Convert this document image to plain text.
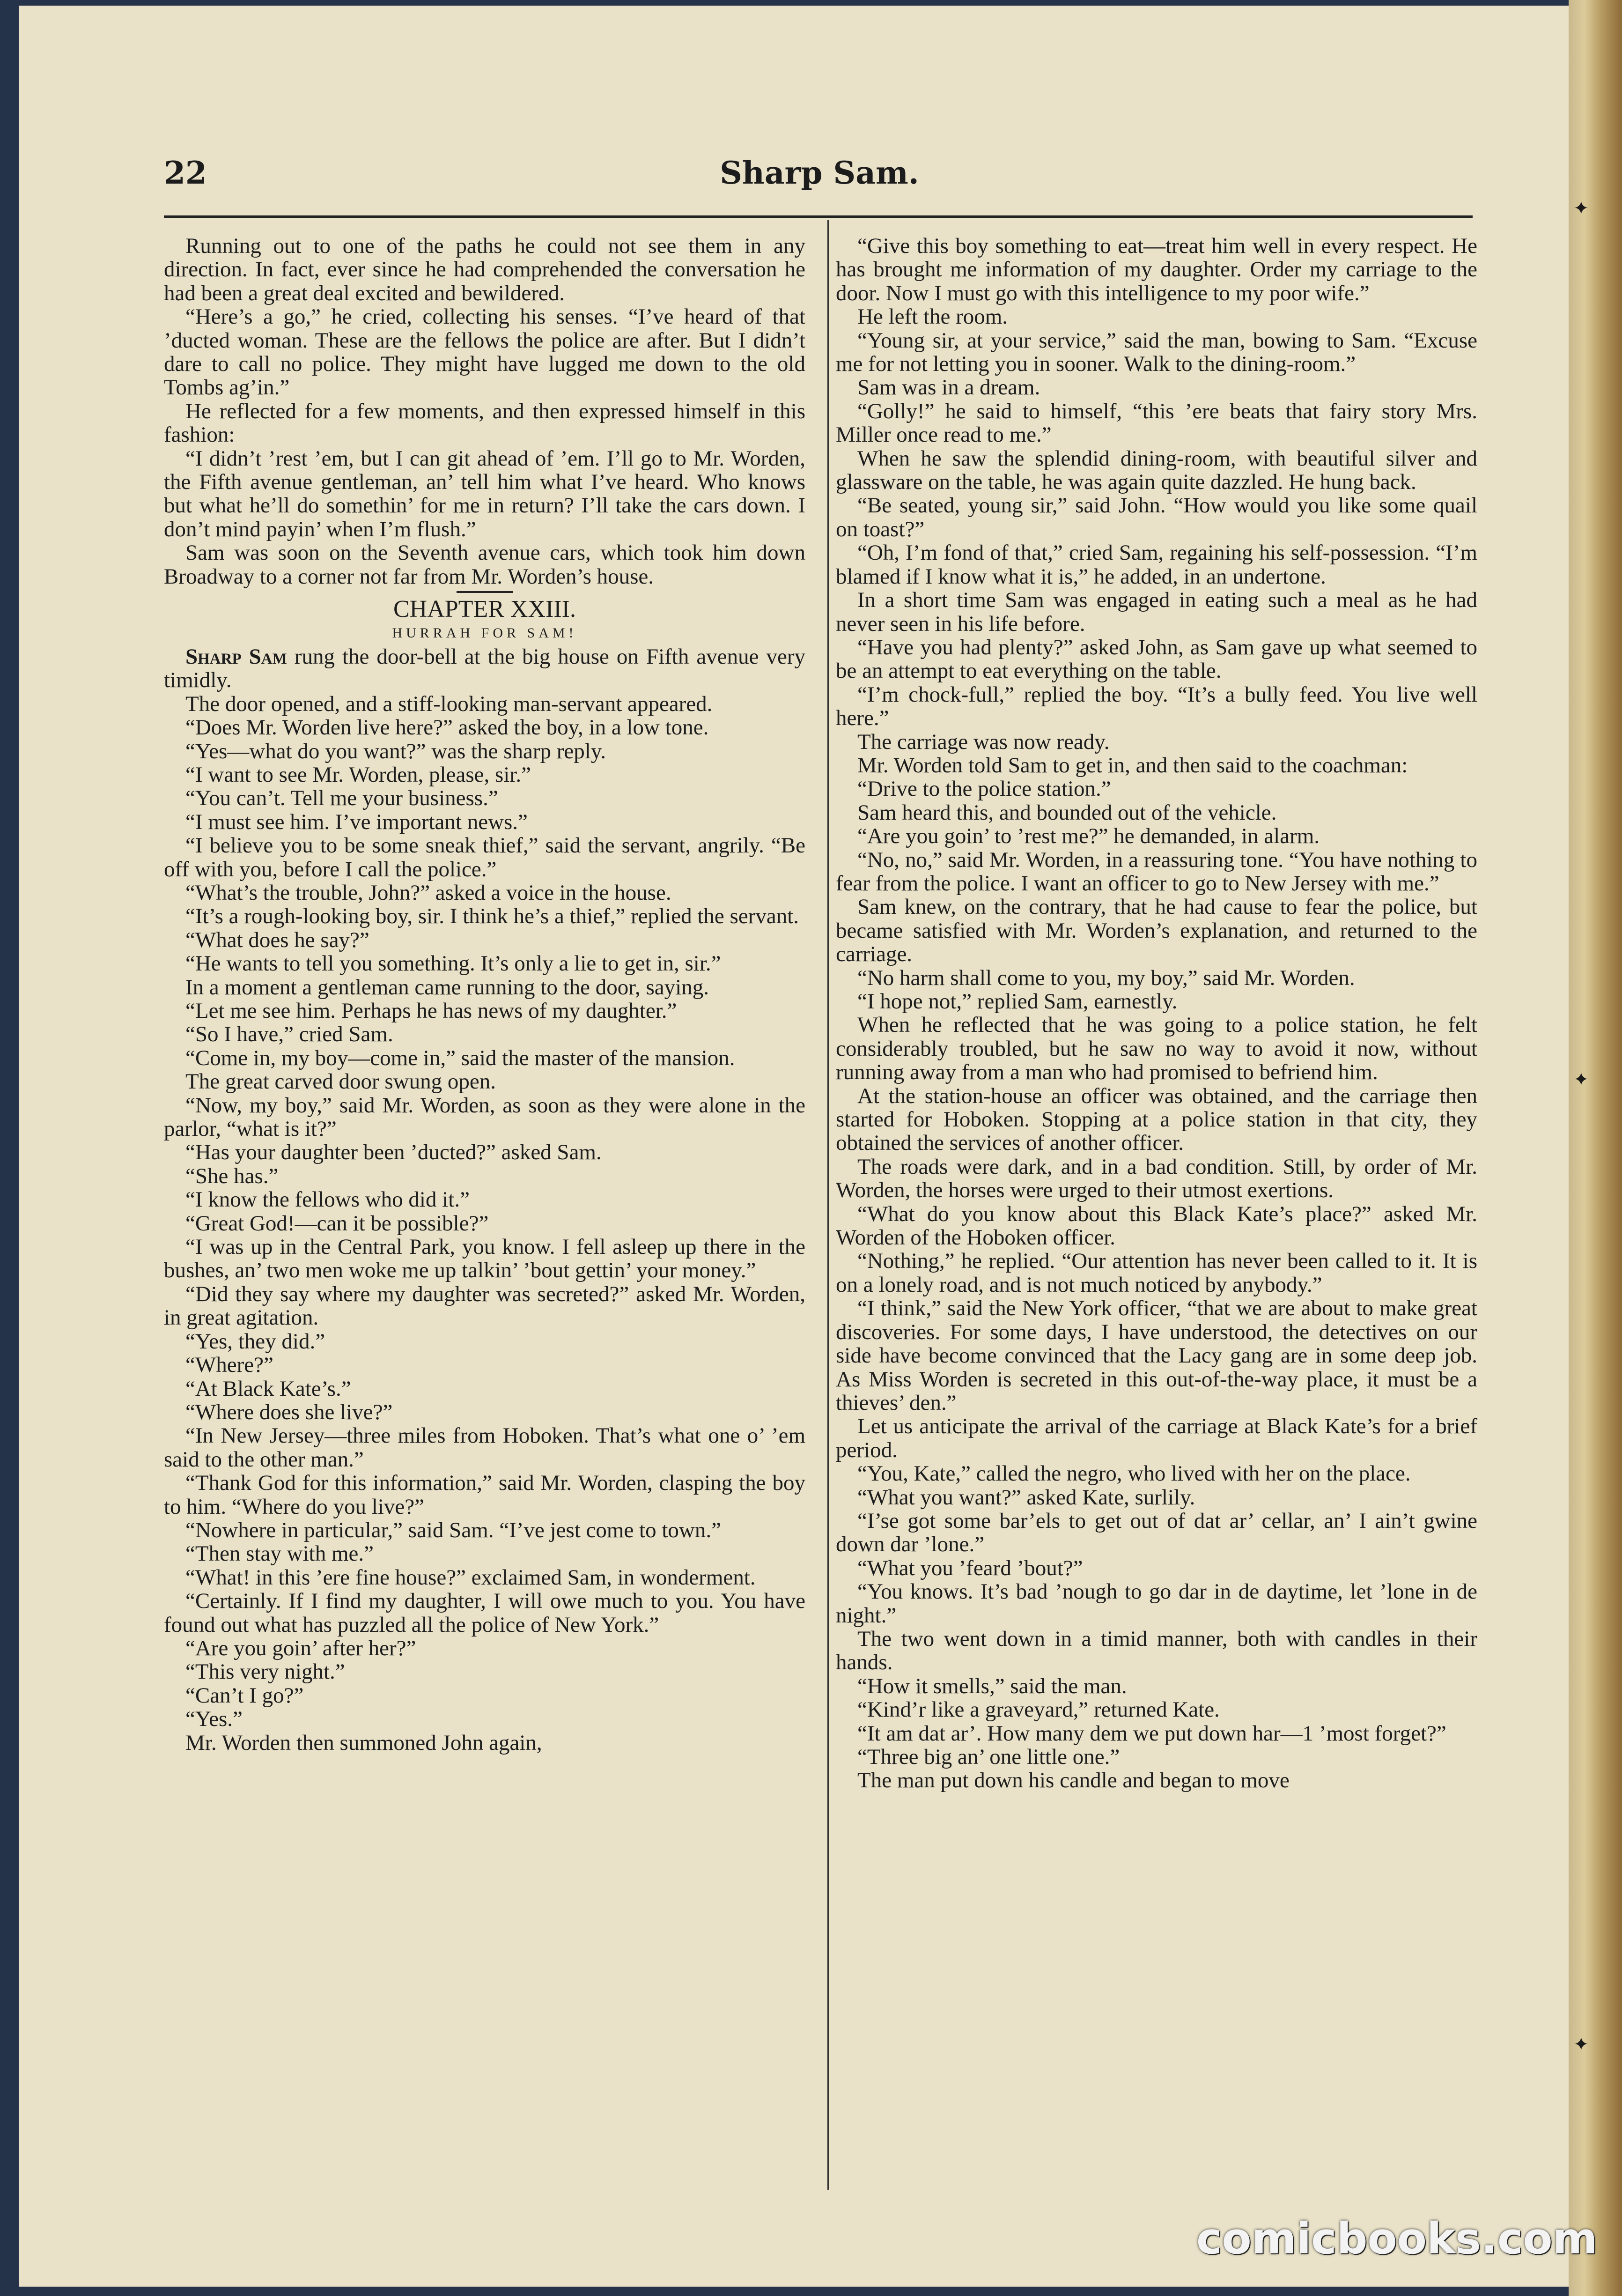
✦
✦
✦
22	Sharp Sam.

Running out to one of the paths he could not see them in any direction. In fact, ever since he had comprehended the conversation he had been a great deal excited and bewildered.

“Here’s a go,” he cried, collecting his senses. “I’ve heard of that ’ducted woman. These are the fellows the police are after. But I didn’t dare to call no police. They might have lugged me down to the old Tombs ag’in.”

He reflected for a few moments, and then expressed himself in this fashion:

“I didn’t ’rest ’em, but I can git ahead of ’em. I’ll go to Mr. Worden, the Fifth avenue gentleman, an’ tell him what I’ve heard. Who knows but what he’ll do somethin’ for me in return? I’ll take the cars down. I don’t mind payin’ when I’m flush.”

Sam was soon on the Seventh avenue cars, which took him down Broadway to a corner not far from Mr. Worden’s house.

CHAPTER XXIII.

HURRAH FOR SAM!

Sharp Sam rung the door-bell at the big house on Fifth avenue very timidly.

The door opened, and a stiff-looking man-servant appeared.

“Does Mr. Worden live here?” asked the boy, in a low tone.

“Yes—what do you want?” was the sharp reply.

“I want to see Mr. Worden, please, sir.”

“You can’t. Tell me your business.”

“I must see him. I’ve important news.”

“I believe you to be some sneak thief,” said the servant, angrily. “Be off with you, before I call the police.”

“What’s the trouble, John?” asked a voice in the house.

“It’s a rough-looking boy, sir. I think he’s a thief,” replied the servant.

“What does he say?”

“He wants to tell you something. It’s only a lie to get in, sir.”

In a moment a gentleman came running to the door, saying.

“Let me see him. Perhaps he has news of my daughter.”

“So I have,” cried Sam.

“Come in, my boy—come in,” said the master of the mansion.

The great carved door swung open.

“Now, my boy,” said Mr. Worden, as soon as they were alone in the parlor, “what is it?”

“Has your daughter been ’ducted?” asked Sam.

“She has.”

“I know the fellows who did it.”

“Great God!—can it be possible?”

“I was up in the Central Park, you know. I fell asleep up there in the bushes, an’ two men woke me up talkin’ ’bout gettin’ your money.”

“Did they say where my daughter was secreted?” asked Mr. Worden, in great agitation.

“Yes, they did.”

“Where?”

“At Black Kate’s.”

“Where does she live?”

“In New Jersey—three miles from Hoboken. That’s what one o’ ’em said to the other man.”

“Thank God for this information,” said Mr. Worden, clasping the boy to him. “Where do you live?”

“Nowhere in particular,” said Sam. “I’ve jest come to town.”

“Then stay with me.”

“What! in this ’ere fine house?” exclaimed Sam, in wonderment.

“Certainly. If I find my daughter, I will owe much to you. You have found out what has puzzled all the police of New York.”

“Are you goin’ after her?”

“This very night.”

“Can’t I go?”

“Yes.”

Mr. Worden then summoned John again,

“Give this boy something to eat—treat him well in every respect. He has brought me information of my daughter. Order my carriage to the door. Now I must go with this intelligence to my poor wife.”

He left the room.

“Young sir, at your service,” said the man, bowing to Sam. “Excuse me for not letting you in sooner. Walk to the dining-room.”

Sam was in a dream.

“Golly!” he said to himself, “this ’ere beats that fairy story Mrs. Miller once read to me.”

When he saw the splendid dining-room, with beautiful silver and glassware on the table, he was again quite dazzled. He hung back.

“Be seated, young sir,” said John. “How would you like some quail on toast?”

“Oh, I’m fond of that,” cried Sam, regaining his self-possession. “I’m blamed if I know what it is,” he added, in an undertone.

In a short time Sam was engaged in eating such a meal as he had never seen in his life before.

“Have you had plenty?” asked John, as Sam gave up what seemed to be an attempt to eat everything on the table.

“I’m chock-full,” replied the boy. “It’s a bully feed. You live well here.”

The carriage was now ready.

Mr. Worden told Sam to get in, and then said to the coachman:

“Drive to the police station.”

Sam heard this, and bounded out of the vehicle.

“Are you goin’ to ’rest me?” he demanded, in alarm.

“No, no,” said Mr. Worden, in a reassuring tone. “You have nothing to fear from the police. I want an officer to go to New Jersey with me.”

Sam knew, on the contrary, that he had cause to fear the police, but became satisfied with Mr. Worden’s explanation, and returned to the carriage.

“No harm shall come to you, my boy,” said Mr. Worden.

“I hope not,” replied Sam, earnestly.

When he reflected that he was going to a police station, he felt considerably troubled, but he saw no way to avoid it now, without running away from a man who had promised to befriend him.

At the station-house an officer was obtained, and the carriage then started for Hoboken. Stopping at a police station in that city, they obtained the services of another officer.

The roads were dark, and in a bad condition. Still, by order of Mr. Worden, the horses were urged to their utmost exertions.

“What do you know about this Black Kate’s place?” asked Mr. Worden of the Hoboken officer.

“Nothing,” he replied. “Our attention has never been called to it. It is on a lonely road, and is not much noticed by anybody.”

“I think,” said the New York officer, “that we are about to make great discoveries. For some days, I have understood, the detectives on our side have become convinced that the Lacy gang are in some deep job. As Miss Worden is secreted in this out-of-the-way place, it must be a thieves’ den.”

Let us anticipate the arrival of the carriage at Black Kate’s for a brief period.

“You, Kate,” called the negro, who lived with her on the place.

“What you want?” asked Kate, surlily.

“I’se got some bar’els to get out of dat ar’ cellar, an’ I ain’t gwine down dar ’lone.”

“What you ’feard ’bout?”

“You knows. It’s bad ’nough to go dar in de daytime, let ’lone in de night.”

The two went down in a timid manner, both with candles in their hands.

“How it smells,” said the man.

“Kind’r like a graveyard,” returned Kate.

“It am dat ar’. How many dem we put down har—1 ’most forget?”

“Three big an’ one little one.”

The man put down his candle and began to move

comicbooks.com
